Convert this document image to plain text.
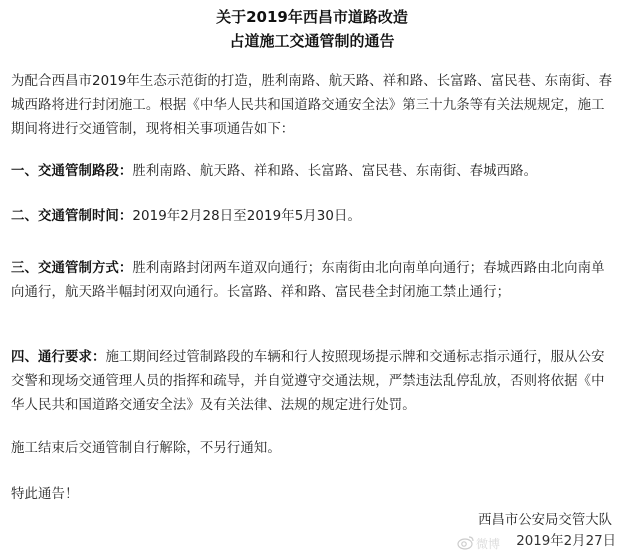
关于2019年西昌市道路改造
占道施工交通管制的通告

为配合西昌市2019年生态示范街的打造，胜利南路、航天路、祥和路、长富路、富民巷、东南街、春城西路将进行封闭施工。根据《中华人民共和国道路交通安全法》第三十九条等有关法规规定，施工期间将进行交通管制，现将相关事项通告如下：

一、交通管制路段：胜利南路、航天路、祥和路、长富路、富民巷、东南街、春城西路。

二、交通管制时间：2019年2月28日至2019年5月30日。

三、交通管制方式：胜利南路封闭两车道双向通行；东南街由北向南单向通行；春城西路由北向南单向通行，航天路半幅封闭双向通行。长富路、祥和路、富民巷全封闭施工禁止通行；

四、通行要求：施工期间经过管制路段的车辆和行人按照现场提示牌和交通标志指示通行，服从公安交警和现场交通管理人员的指挥和疏导，并自觉遵守交通法规，严禁违法乱停乱放，否则将依据《中华人民共和国道路交通安全法》及有关法律、法规的规定进行处罚。

施工结束后交通管制自行解除，不另行通知。

特此通告！

西昌市公安局交管大队
微博 2019年2月27日
